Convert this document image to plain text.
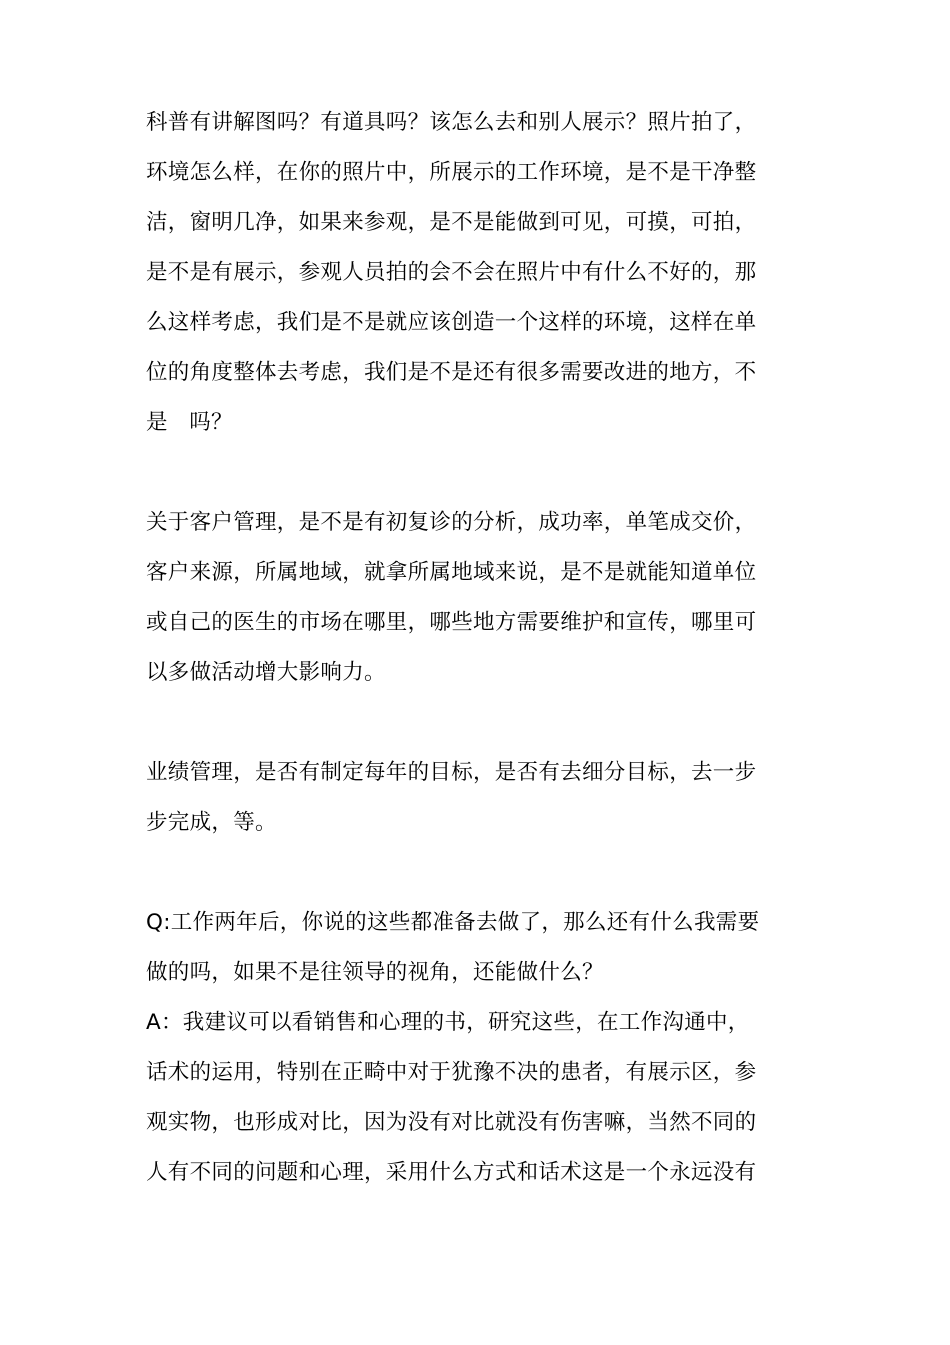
科普有讲解图吗？有道具吗？该怎么去和别人展示？照片拍了，
环境怎么样，在你的照片中，所展示的工作环境，是不是干净整
洁，窗明几净，如果来参观，是不是能做到可见，可摸，可拍，
是不是有展示，参观人员拍的会不会在照片中有什么不好的，那
么这样考虑，我们是不是就应该创造一个这样的环境，这样在单
位的角度整体去考虑，我们是不是还有很多需要改进的地方，不
是   吗？
关于客户管理，是不是有初复诊的分析，成功率，单笔成交价，
客户来源，所属地域，就拿所属地域来说，是不是就能知道单位
或自己的医生的市场在哪里，哪些地方需要维护和宣传，哪里可
以多做活动增大影响力。
业绩管理，是否有制定每年的目标，是否有去细分目标，去一步
步完成，等。
Q:工作两年后，你说的这些都准备去做了，那么还有什么我需要
做的吗，如果不是往领导的视角，还能做什么？
A：我建议可以看销售和心理的书，研究这些，在工作沟通中，
话术的运用，特别在正畸中对于犹豫不决的患者，有展示区，参
观实物，也形成对比，因为没有对比就没有伤害嘛，当然不同的
人有不同的问题和心理，采用什么方式和话术这是一个永远没有
